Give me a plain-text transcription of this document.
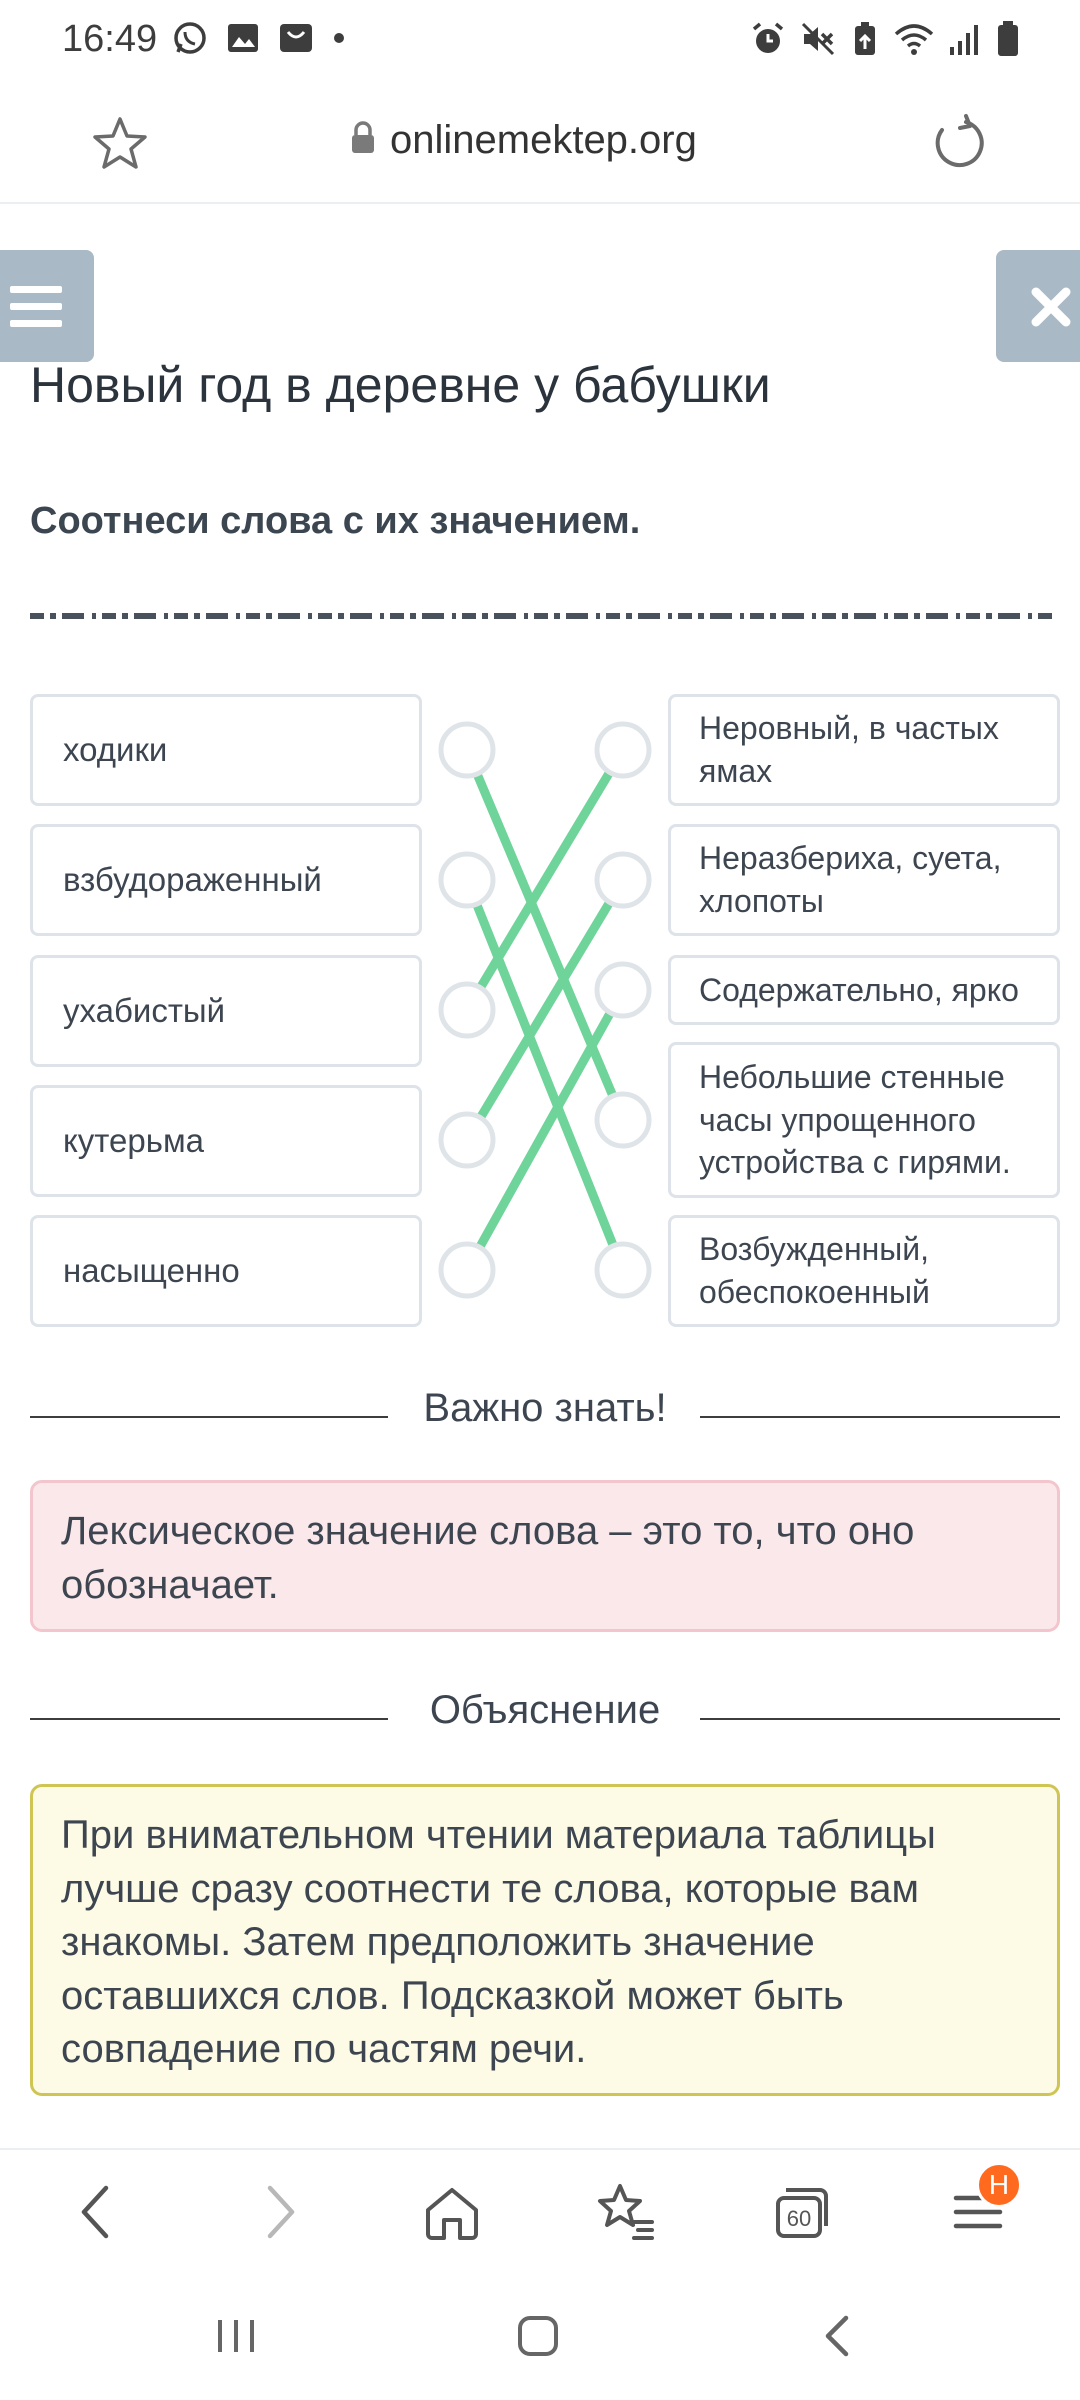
16:49
onlinemektep.org
Новый год в деревне у бабушки
Соотнеси слова с их значением.
ходики
взбудораженный
ухабистый
кутерьма
насыщенно
Неровный, в частых ямах
Неразбериха, суета, хлопоты
Содержательно, ярко
Небольшие стенные часы упрощенного устройства с гирями.
Возбужденный, обеспокоенный
Важно знать!
Лексическое значение слова – это то, что оно обозначает.
Объяснение
При внимательном чтении материала таблицы лучше сразу соотнести те слова, которые вам знакомы. Затем предположить значение оставшихся слов. Подсказкой может быть совпадение по частям речи.
60
H
